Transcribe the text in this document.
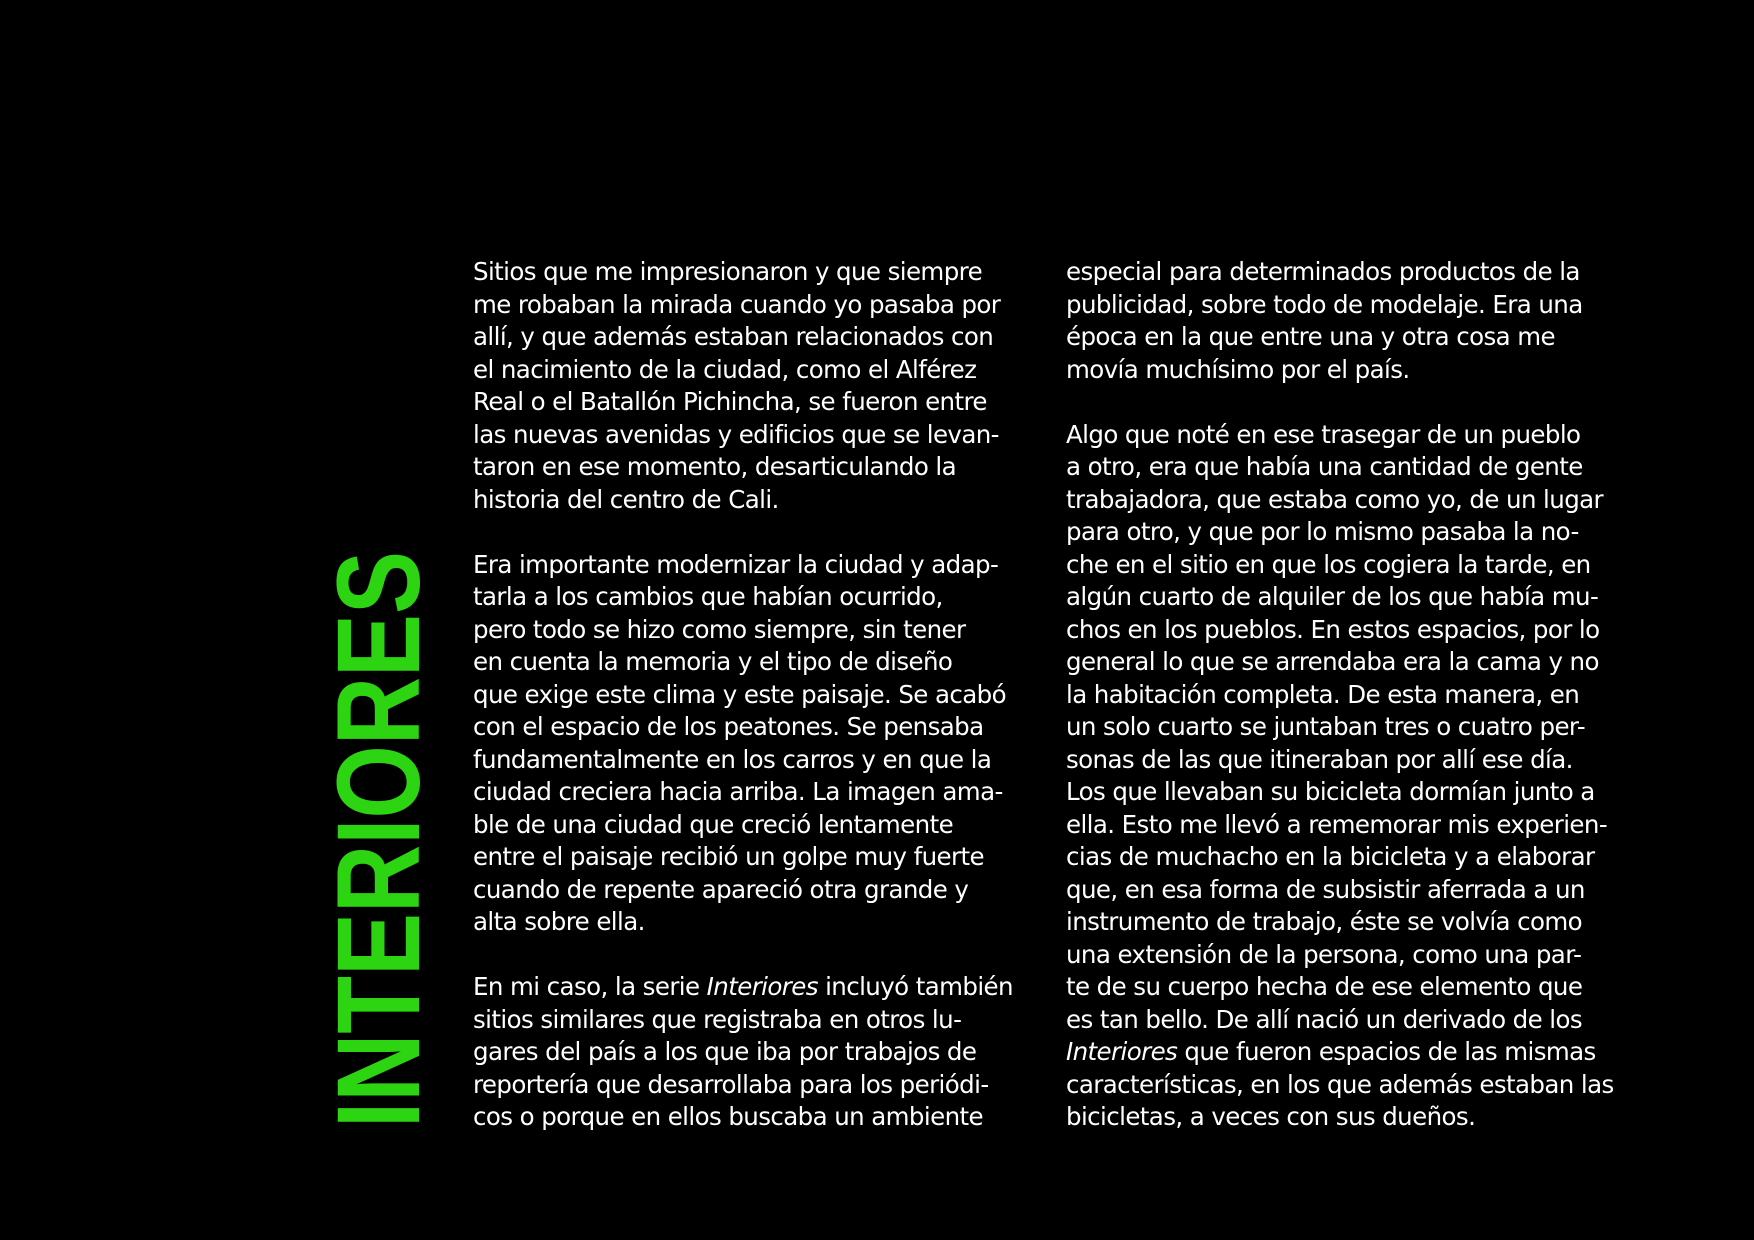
INTERIORES

Sitios que me impresionaron y que siempre
me robaban la mirada cuando yo pasaba por
allí, y que además estaban relacionados con
el nacimiento de la ciudad, como el Alférez
Real o el Batallón Pichincha, se fueron entre
las nuevas avenidas y edificios que se levan-
taron en ese momento, desarticulando la
historia del centro de Cali.

Era importante modernizar la ciudad y adap-
tarla a los cambios que habían ocurrido,
pero todo se hizo como siempre, sin tener
en cuenta la memoria y el tipo de diseño
que exige este clima y este paisaje. Se acabó
con el espacio de los peatones. Se pensaba
fundamentalmente en los carros y en que la
ciudad creciera hacia arriba. La imagen ama-
ble de una ciudad que creció lentamente
entre el paisaje recibió un golpe muy fuerte
cuando de repente apareció otra grande y
alta sobre ella.

En mi caso, la serie Interiores incluyó también
sitios similares que registraba en otros lu-
gares del país a los que iba por trabajos de
reportería que desarrollaba para los periódi-
cos o porque en ellos buscaba un ambiente

especial para determinados productos de la
publicidad, sobre todo de modelaje. Era una
época en la que entre una y otra cosa me
movía muchísimo por el país.

Algo que noté en ese trasegar de un pueblo
a otro, era que había una cantidad de gente
trabajadora, que estaba como yo, de un lugar
para otro, y que por lo mismo pasaba la no-
che en el sitio en que los cogiera la tarde, en
algún cuarto de alquiler de los que había mu-
chos en los pueblos. En estos espacios, por lo
general lo que se arrendaba era la cama y no
la habitación completa. De esta manera, en
un solo cuarto se juntaban tres o cuatro per-
sonas de las que itineraban por allí ese día.
Los que llevaban su bicicleta dormían junto a
ella. Esto me llevó a rememorar mis experien-
cias de muchacho en la bicicleta y a elaborar
que, en esa forma de subsistir aferrada a un
instrumento de trabajo, éste se volvía como
una extensión de la persona, como una par-
te de su cuerpo hecha de ese elemento que
es tan bello. De allí nació un derivado de los
Interiores que fueron espacios de las mismas
características, en los que además estaban las
bicicletas, a veces con sus dueños.
